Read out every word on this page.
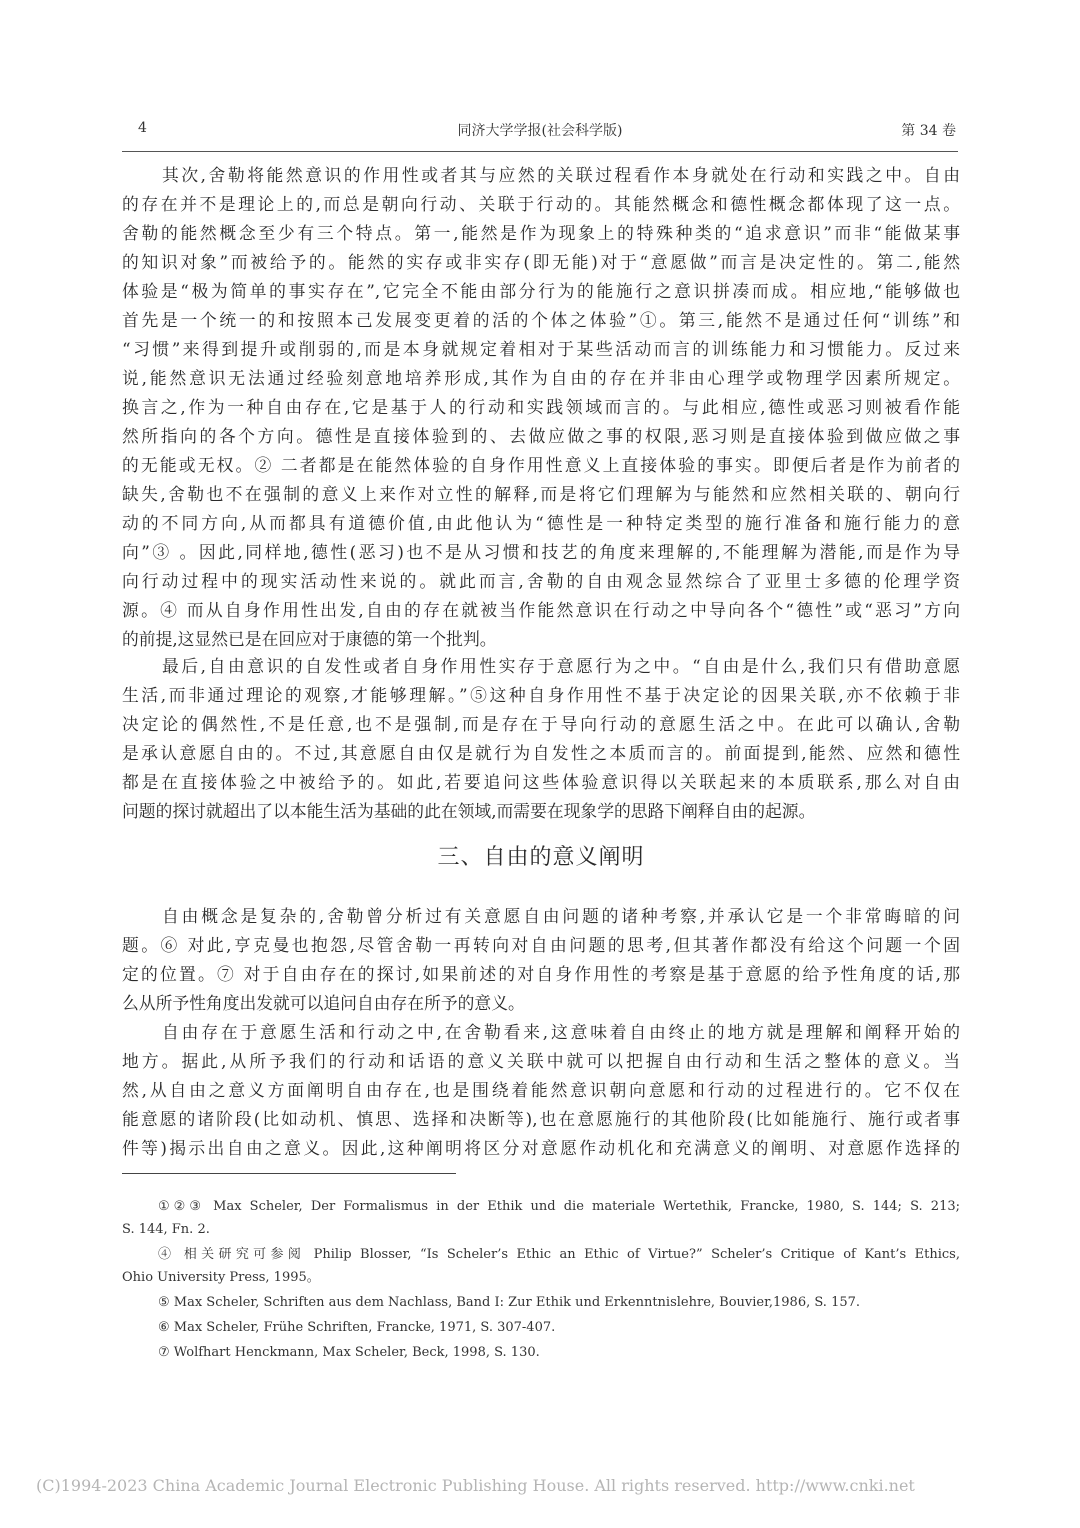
4	同济大学学报(社会科学版)	第 34 卷
其次,舍勒将能然意识的作用性或者其与应然的关联过程看作本身就处在行动和实践之中。自由
的存在并不是理论上的,而总是朝向行动、关联于行动的。其能然概念和德性概念都体现了这一点。
舍勒的能然概念至少有三个特点。第一,能然是作为现象上的特殊种类的“追求意识”而非“能做某事
的知识对象”而被给予的。能然的实存或非实存(即无能)对于“意愿做”而言是决定性的。第二,能然
体验是“极为简单的事实存在”,它完全不能由部分行为的能施行之意识拼凑而成。相应地,“能够做也
首先是一个统一的和按照本己发展变更着的活的个体之体验”①。第三,能然不是通过任何“训练”和
“习惯”来得到提升或削弱的,而是本身就规定着相对于某些活动而言的训练能力和习惯能力。反过来
说,能然意识无法通过经验刻意地培养形成,其作为自由的存在并非由心理学或物理学因素所规定。
换言之,作为一种自由存在,它是基于人的行动和实践领域而言的。与此相应,德性或恶习则被看作能
然所指向的各个方向。德性是直接体验到的、去做应做之事的权限,恶习则是直接体验到做应做之事
的无能或无权。② 二者都是在能然体验的自身作用性意义上直接体验的事实。即便后者是作为前者的
缺失,舍勒也不在强制的意义上来作对立性的解释,而是将它们理解为与能然和应然相关联的、朝向行
动的不同方向,从而都具有道德价值,由此他认为“德性是一种特定类型的施行准备和施行能力的意
向”③ 。因此,同样地,德性(恶习)也不是从习惯和技艺的角度来理解的,不能理解为潜能,而是作为导
向行动过程中的现实活动性来说的。就此而言,舍勒的自由观念显然综合了亚里士多德的伦理学资
源。④ 而从自身作用性出发,自由的存在就被当作能然意识在行动之中导向各个“德性”或“恶习”方向
的前提,这显然已是在回应对于康德的第一个批判。
最后,自由意识的自发性或者自身作用性实存于意愿行为之中。“自由是什么,我们只有借助意愿
生活,而非通过理论的观察,才能够理解。”⑤这种自身作用性不基于决定论的因果关联,亦不依赖于非
决定论的偶然性,不是任意,也不是强制,而是存在于导向行动的意愿生活之中。在此可以确认,舍勒
是承认意愿自由的。不过,其意愿自由仅是就行为自发性之本质而言的。前面提到,能然、应然和德性
都是在直接体验之中被给予的。如此,若要追问这些体验意识得以关联起来的本质联系,那么对自由
问题的探讨就超出了以本能生活为基础的此在领域,而需要在现象学的思路下阐释自由的起源。
三、自由的意义阐明
自由概念是复杂的,舍勒曾分析过有关意愿自由问题的诸种考察,并承认它是一个非常晦暗的问
题。⑥ 对此,亨克曼也抱怨,尽管舍勒一再转向对自由问题的思考,但其著作都没有给这个问题一个固
定的位置。⑦ 对于自由存在的探讨,如果前述的对自身作用性的考察是基于意愿的给予性角度的话,那
么从所予性角度出发就可以追问自由存在所予的意义。
自由存在于意愿生活和行动之中,在舍勒看来,这意味着自由终止的地方就是理解和阐释开始的
地方。据此,从所予我们的行动和话语的意义关联中就可以把握自由行动和生活之整体的意义。当
然,从自由之意义方面阐明自由存在,也是围绕着能然意识朝向意愿和行动的过程进行的。它不仅在
能意愿的诸阶段(比如动机、慎思、选择和决断等),也在意愿施行的其他阶段(比如能施行、施行或者事
件等)揭示出自由之意义。因此,这种阐明将区分对意愿作动机化和充满意义的阐明、对意愿作选择的
①②③ Max Scheler, Der Formalismus in der Ethik und die materiale Wertethik, Francke, 1980, S. 144; S. 213;
S. 144, Fn. 2.
④ 相关研究可参阅 Philip Blosser, “Is Scheler’s Ethic an Ethic of Virtue?” Scheler’s Critique of Kant’s Ethics,
Ohio University Press, 1995。
⑤ Max Scheler, Schriften aus dem Nachlass, Band I: Zur Ethik und Erkenntnislehre, Bouvier,1986, S. 157.
⑥ Max Scheler, Frühe Schriften, Francke, 1971, S. 307-407.
⑦ Wolfhart Henckmann, Max Scheler, Beck, 1998, S. 130.
(C)1994-2023 China Academic Journal Electronic Publishing House. All rights reserved. http://www.cnki.net
